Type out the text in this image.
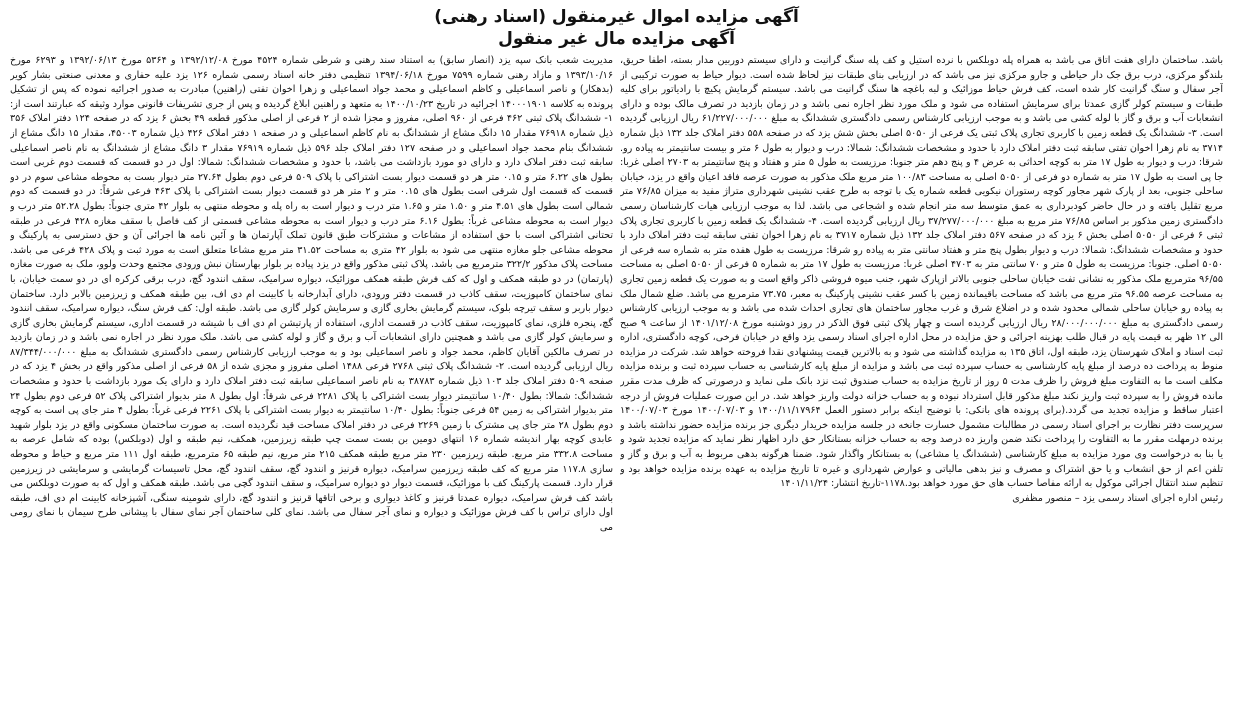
آگهی مزایده اموال غیرمنقول (اسناد رهنی)
آگهی مزایده مال غیر منقول

مدیریت شعب بانک سپه یزد (انصار سابق) به استناد سند رهنی و شرطی شماره ۴۵۲۴ مورخ ۱۳۹۲/۱۲/۰۸ و ۵۳۶۴ مورخ ۱۳۹۲/۰۶/۱۳ و ۶۲۹۳ مورخ ۱۳۹۳/۱۰/۱۶ و مازاد رهنی شماره ۷۵۹۹ مورخ ۱۳۹۴/۰۶/۱۸ تنظیمی دفتر خانه اسناد رسمی شماره ۱۲۶ یزد علیه حفاری و معدنی صنعتی بشار کویر (بدهکار) و ناصر اسماعیلی و کاظم اسماعیلی و محمد جواد اسماعیلی و زهرا اخوان تفتی (راهنین) مبادرت به صدور اجرائیه نموده که پس از تشکیل پرونده به کلاسه ۱۴۰۰۰۱۹۰۱ اجرائیه در تاریخ ۱۴۰۰/۱۰/۲۳ به متعهد و راهنین ابلاغ گردیده و پس از جری تشریفات قانونی موارد وثیقه که عبارتند است از: ۱- ششدانگ پلاک ثبتی ۴۶۲ فرعی از ۹۶۰ اصلی، مفروز و مجزا شده از ۲ فرعی از اصلی مذکور قطعه ۴۹ بخش ۶ یزد که در صفحه ۱۲۴ دفتر املاک ۳۵۶ ذیل شماره ۷۶۹۱۸ مقدار ۱۵ دانگ مشاع از ششدانگ به نام کاظم اسماعیلی و در صفحه ۱ دفتر املاک ۴۲۶ ذیل شماره ۴۵۰۰۳، مقدار ۱۵ دانگ مشاع از ششدانگ بنام محمد جواد اسماعیلی و در صفحه ۱۲۷ دفتر املاک جلد ۵۹۶ ذیل شماره ۷۶۹۱۹ مقدار ۳ دانگ مشاع از ششدانگ به نام ناصر اسماعیلی سابقه ثبت دفتر املاک دارد و دارای دو مورد بازداشت می باشد، با حدود و مشخصات ششدانگ: شمالا: اول در دو قسمت که قسمت دوم غربی است بطول های ۶.۲۲ متر و ۰.۱۵ متر هر دو قسمت دیوار بست اشتراکی با پلاک ۵۰۹ فرعی دوم بطول ۲۷.۶۴ متر دیوار بست به محوطه مشاعی سوم در دو قسمت که قسمت اول شرقی است بطول های ۰.۱۵ متر و ۲ متر هر دو قسمت دیوار بست اشتراکی با پلاک ۴۶۳ فرعی شرقاً: در دو قسمت که دوم شمالی است بطول های ۴.۵۱ متر و ۱.۵۰ متر و ۱.۶۵ متر درب و دیوار است به راه پله و محوطه منتهی به بلوار ۴۲ متری جنوباً: بطول ۵۲.۲۸ متر درب و دیوار است به محوطه مشاعی غرباً: بطول ۶.۱۶ متر درب و دیوار است به محوطه مشاعی قسمتی از کف فاصل با سقف مغازه ۴۲۸ فرعی در طبقه تحتانی اشتراکی است با حق استفاده از مشاعات و مشترکات طبق قانون تملک آپارتمان ها و آئین نامه ها اجرائی آن و حق دسترسی به پارکینگ و محوطه مشاعی جلو مغازه منتهی می شود به بلوار ۴۲ متری به مساحت ۳۱.۵۲ متر مربع مشاعا متعلق است به مورد ثبت و پلاک ۴۲۸ فرعی می باشد. مساحت پلاک مذکور ۳۲۲/۲ مترمربع می باشد. پلاک ثبتی مذکور واقع در یزد پیاده بر بلوار بهارستان نبش ورودی مجتمع وحدت ولوو، ملک به صورت مغازه (پارتمان) در دو طبقه همکف و اول که کف فرش طبقه همکف موزائیک، دیواره سرامیک، سقف انندود گچ، درب برقی کرکره ای در دو سمت خیابان، با نمای ساختمان کامپوزیت، سقف کاذب در قسمت دفتر ورودی، دارای آبدارخانه با کابینت ام دی اف، بین طبقه همکف و زیرزمین بالابر دارد. ساختمان دیوار باربر و سقف تیرچه بلوک، سیستم گرمایش بخاری گازی و سرمایش کولر گازی می باشد. طبقه اول: کف فرش سنگ، دیواره سرامیک، سقف انندود گچ، پنجره فلزی، نمای کامپوزیت، سقف کاذب در قسمت اداری، استفاده از پارتیشن ام دی اف با شیشه در قسمت اداری، سیستم گرمایش بخاری گازی و سرمایش کولر گازی می باشد و همچنین دارای انشعابات آب و برق و گاز و لوله کشی می باشد. ملک مورد نظر در اجاره نمی باشد و در زمان بازدید در تصرف مالکین آقایان کاظم، محمد جواد و ناصر اسماعیلی بود و به موجب ارزیابی کارشناس رسمی دادگستری ششدانگ به مبلغ ۸۷/۳۴۴/۰۰۰/۰۰۰ ریال ارزیابی گردیده است. ۲- ششدانگ پلاک ثبتی ۲۷۶۸ فرعی ۱۴۸۸ اصلی مفروز و مجزی شده از ۵۸ فرعی از اصلی مذکور واقع در بخش ۴ یزد که در صفحه ۵۰۹ دفتر املاک جلد ۱۰۳ ذیل شماره ۳۸۷۸۳ به نام ناصر اسماعیلی سابقه ثبت دفتر املاک دارد و دارای یک مورد بازداشت با حدود و مشخصات ششدانگ: شمالا: بطول ۱۰/۴۰ سانتیمتر دیوار بست اشتراکی با پلاک ۲۲۸۱ فرعی شرقاً: اول بطول ۸ متر بدیوار اشتراکی پلاک ۵۲ فرعی دوم بطول ۲۴ متر بدیوار اشتراکی به زمین ۵۴ فرعی جنوباً: بطول ۱۰/۴۰ سانتیمتر به دیوار بست اشتراکی با پلاک ۲۲۶۱ فرعی غرباً: بطول ۴ متر جای پی است به کوچه دوم بطول ۲۸ متر جای پی مشترک با زمین ۲۲۶۹ فرعی در دفتر املاک مساحت قید نگردیده است. به صورت ساختمان مسکونی واقع در یزد بلوار شهید عابدی کوچه بهار اندیشه شماره ۱۶ انتهای دومین بن بست سمت چپ طبقه زیرزمین، همکف، نیم طبقه و اول (دوبلکس) بوده که شامل عرصه به مساحت ۳۳۲.۸ متر مربع. طبقه زیرزمین ۲۳۰ متر مربع طبقه همکف ۲۱۵ متر مربع، نیم طبقه ۶۵ مترمربع، طبقه اول ۱۱۱ متر مربع و حیاط و محوطه سازی ۱۱۷.۸ متر مربع که کف طبقه زیرزمین سرامیک، دیواره قرنیز و انندود گچ، سقف انندود گچ، محل تاسیسات گرمایشی و سرمایشی در زیرزمین قرار دارد. قسمت پارکینگ کف با موزائیک، قسمت دیوار دو دیواره سرامیک، و سقف انندود گچی می باشد. طبقه همکف و اول که به صورت دوبلکس می باشد کف فرش سرامیک، دیواره عمدتا قرنیز و کاغذ دیواری و برخی اتاقها قرنیز و انندود گچ، دارای شومینه سنگی، آشپزخانه کابینت ام دی اف، طبقه اول دارای تراس با کف فرش موزائیک و دیواره و نمای آجر سفال می باشد. نمای کلی ساختمان آجر نمای سفال با پیشانی طرح سیمان با نمای رومی می

باشد. ساختمان دارای هفت اتاق می باشد به همراه پله دوبلکس با نرده استیل و کف پله سنگ گرانیت و دارای سیستم دوربین مدار بسته، اطفا حریق، بلندگو مرکزی، درب برق جک دار حیاطی و جارو مرکزی نیز می باشد که در ارزیابی بنای طبقات نیز لحاظ شده است. دیوار حیاط به صورت ترکیبی از آجر سفال و سنگ گرانیت کار شده است، کف فرش حیاط موزائیک و لبه باغچه ها سنگ گرانیت می باشد. سیستم گرمایش پکیچ با رادیاتور برای کلیه طبقات و سیستم کولر گازی عمدتا برای سرمایش استفاده می شود و ملک مورد نظر اجاره نمی باشد و در زمان بازدید در تصرف مالک بوده و دارای انشعابات آب و برق و گاز با لوله کشی می باشد و به موجب ارزیابی کارشناس رسمی دادگستری ششدانگ به مبلغ ۶۱/۲۲۷/۰۰۰/۰۰۰ ریال ارزیابی گردیده است. ۳- ششدانگ یک قطعه زمین با کاربری تجاری پلاک ثبتی یک فرعی از ۵۰۵۰ اصلی بخش شش یزد که در صفحه ۵۵۸ دفتر املاک جلد ۱۳۲ ذیل شماره ۳۷۱۴ به نام زهرا اخوان تفتی سابقه ثبت دفتر املاک دارد با حدود و مشخصات ششدانگ: شمالا: درب و دیوار به طول ۶ متر و بیست سانتیمتر به پیاده رو. شرقا: درب و دیوار به طول ۱۷ متر به کوچه احداثی به عرض ۴ و پنج دهم متر جنوبا: مرزیست به طول ۵ متر و هفتاد و پنج سانتیمتر به ۲۷۰۳ اصلی غربا: جا پی است به طول ۱۷ متر به شماره دو فرعی از ۵۰۵۰ اصلی به مساحت ۱۰۰/۸۳ متر مربع ملک مذکور به صورت عرصه فاقد اعیان واقع در یزد، خیابان ساحلی جنوبی، بعد از پارک شهر مجاور کوچه رستوران نیکویی قطعه شماره یک با توجه به طرح عقب نشینی شهرداری متراژ مفید به میزان ۷۶/۸۵ متر مربع تقلیل یافته و در حال حاضر کودبرداری به عمق متوسط سه متر انجام شده و اشجاعی می باشد. لذا به موجب ارزیابی هیات کارشناسان رسمی دادگستری زمین مذکور بر اساس ۷۶/۸۵ متر مربع به مبلغ ۳۷/۲۷۷/۰۰۰/۰۰۰ ریال ارزیابی گردیده است. ۴- ششدانگ یک قطعه زمین با کاربری تجاری پلاک ثبتی ۶ فرعی از ۵۰۵۰ اصلی بخش ۶ یزد که در صفحه ۵۶۷ دفتر املاک جلد ۱۳۲ ذیل شماره ۳۷۱۷ به نام زهرا اخوان تفتی سابقه ثبت دفتر املاک دارد با حدود و مشخصات ششدانگ: شمالا: درب و دیوار بطول پنج متر و هفتاد سانتی متر به پیاده رو شرقا: مرزیست به طول هفده متر به شماره سه فرعی از ۵۰۵۰ اصلی. جنوبا: مرزیست به طول ۵ متر و ۷۰ سانتی متر به ۴۷۰۳ اصلی غربا: مرزیست به طول ۱۷ متر به شماره ۵ فرعی از ۵۰۵۰ اصلی به مساحت ۹۶/۵۵ مترمربع ملک مذکور به نشانی تفت خیابان ساحلی جنوبی بالاتر ازپارک شهر، جنب میوه فروشی ذاکر واقع است و به صورت یک قطعه زمین تجاری به مساحت عرصه ۹۶.۵۵ متر مربع می باشد که مساحت باقیمانده زمین با کسر عقب نشینی پارکینگ به معبر، ۷۳.۷۵ مترمربع می باشد. ضلع شمال ملک به پیاده رو خیابان ساحلی شمالی محدود شده و در اضلاع شرق و غرب مجاور ساختمان های تجاری احداث شده می باشد و به موجب ارزیابی کارشناس رسمی دادگستری به مبلغ ۲۸/۰۰۰/۰۰۰/۰۰۰ ریال ارزیابی گردیده است و چهار پلاک ثبتی فوق الذکر در روز دوشنبه مورخ ۱۴۰۱/۱۲/۰۸ از ساعت ۹ صبح الی ۱۲ ظهر به قیمت پایه در قبال طلب بهزینه اجرائی و حق مزایده در محل اداره اجرای اسناد رسمی یزد واقع در خیابان فرخی، کوچه دادگستری، اداره ثبت اسناد و املاک شهرستان یزد، طبقه اول، اتاق ۱۳۵ به مزایده گذاشته می شود و به بالاترین قیمت پیشنهادی نقدا فروخته خواهد شد. شرکت در مزایده منوط به پرداخت ده درصد از مبلغ پایه کارشناسی به حساب سپرده ثبت می باشد و مزایده از مبلغ پایه کارشناسی به حساب سپرده ثبت و برنده مزایده مکلف است ما به التفاوت مبلغ فروش را ظرف مدت ۵ روز از تاریخ مزایده به حساب صندوق ثبت نزد بانک ملی نماید و درصورتی که ظرف مدت مقرر مانده فروش را به سپرده ثبت واریز نکند مبلغ مذکور قابل استرداد نبوده و به حساب خزانه دولت واریز خواهد شد. در این صورت عملیات فروش از درجه اعتبار ساقط و مزایده تجدید می گردد.(برای پرونده های بانکی: با توضیح اینکه برابر دستور العمل ۱۴۰۰/۱۱/۱۷۹۶۴ و ۱۴۰۰/۰۷/۰۳ مورخ ۱۴۰۰/۰۷/۰۳ سرپرست دفتر نظارت بر اجرای اسناد رسمی در مطالبات مشمول خسارت جانخه در جلسه مزایده خریدار دیگری جز برنده مزایده حضور نداشته باشد و برنده درمهلت مقرر ما به التفاوت را پرداخت نکند ضمن واریز ده درصد وجه به حساب خزانه بستانکار حق دارد اظهار نظر نماید که مزایده تجدید شود و یا بنا به درخواست وی مورد مزایده به مبلغ کارشناسی (ششدانگ یا مشاعی) به بستانکار واگذار شود. ضمنا هرگونه بدهی مربوط به آب و برق و گاز و تلفن اعم از حق انشعاب و یا حق اشتراک و مصرف و نیز بدهی مالیاتی و عوارض شهرداری و غیره تا تاریخ مزایده به عهده برنده مزایده خواهد بود و تنظیم سند انتقال اجرائی موکول به ارائه مفاصا حساب های حق مورد خواهد بود.۱۱۷۸-تاریخ انتشار: ۱۴۰۱/۱۱/۲۴

رئیس اداره اجرای اسناد رسمی یزد – منصور مظفری
